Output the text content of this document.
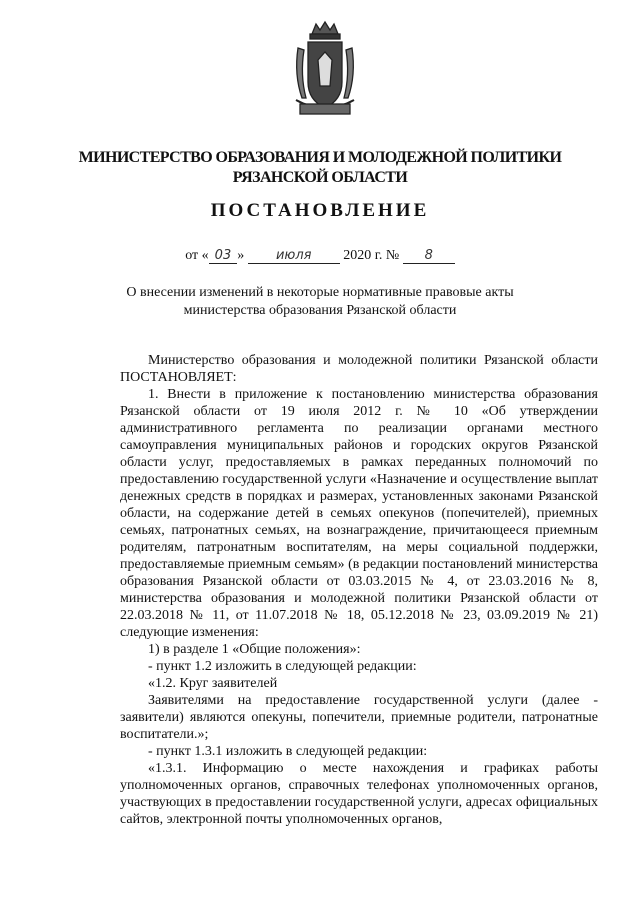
МИНИСТЕРСТВО ОБРАЗОВАНИЯ И МОЛОДЕЖНОЙ ПОЛИТИКИ
РЯЗАНСКОЙ ОБЛАСТИ
ПОСТАНОВЛЕНИЕ
от « 03 » июля 2020 г. № 8
О внесении изменений в некоторые нормативные правовые акты
министерства образования Рязанской области

Министерство образования и молодежной политики Рязанской области ПОСТАНОВЛЯЕТ:

1. Внести в приложение к постановлению министерства образования Рязанской области от 19 июля 2012 г. № 10 «Об утверждении административного регламента по реализации органами местного самоуправления муниципальных районов и городских округов Рязанской области услуг, предоставляемых в рамках переданных полномочий по предоставлению государственной услуги «Назначение и осуществление выплат денежных средств в порядках и размерах, установленных законами Рязанской области, на содержание детей в семьях опекунов (попечителей), приемных семьях, патронатных семьях, на вознаграждение, причитающееся приемным родителям, патронатным воспитателям, на меры социальной поддержки, предоставляемые приемным семьям» (в редакции постановлений министерства образования Рязанской области от 03.03.2015 № 4, от 23.03.2016 № 8, министерства образования и молодежной политики Рязанской области от 22.03.2018 № 11, от 11.07.2018 № 18, 05.12.2018 № 23, 03.09.2019 № 21) следующие изменения:

1) в разделе 1 «Общие положения»:

- пункт 1.2 изложить в следующей редакции:

«1.2. Круг заявителей

Заявителями на предоставление государственной услуги (далее - заявители) являются опекуны, попечители, приемные родители, патронатные воспитатели.»;

- пункт 1.3.1 изложить в следующей редакции:

«1.3.1. Информацию о месте нахождения и графиках работы уполномоченных органов, справочных телефонах уполномоченных органов, участвующих в предоставлении государственной услуги, адресах официальных сайтов, электронной почты уполномоченных органов,
